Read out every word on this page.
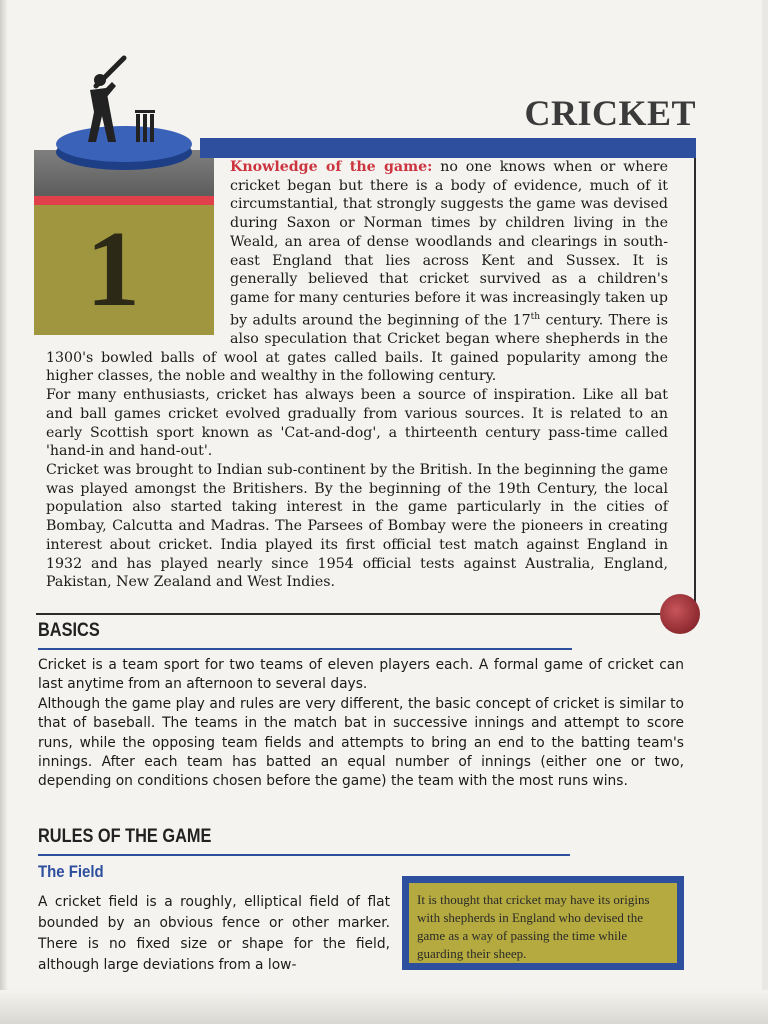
CRICKET
1

Knowledge of the game: no one knows when or where cricket began but there is a body of evidence, much of it circumstantial, that strongly suggests the game was devised during Saxon or Norman times by children living in the Weald, an area of dense woodlands and clearings in south-east England that lies across Kent and Sussex. It is generally believed that cricket survived as a children's game for many centuries before it was increasingly taken up by adults around the beginning of the 17th century. There is also speculation that Cricket began where shepherds in the 1300's bowled balls of wool at gates called bails. It gained popularity among the higher classes, the noble and wealthy in the following century.

For many enthusiasts, cricket has always been a source of inspiration. Like all bat and ball games cricket evolved gradually from various sources. It is related to an early Scottish sport known as 'Cat-and-dog', a thirteenth century pass-time called 'hand-in and hand-out'.

Cricket was brought to Indian sub-continent by the British. In the beginning the game was played amongst the Britishers. By the beginning of the 19th Century, the local population also started taking interest in the game particularly in the cities of Bombay, Calcutta and Madras. The Parsees of Bombay were the pioneers in creating interest about cricket. India played its first official test match against England in 1932 and has played nearly since 1954 official tests against Australia, England, Pakistan, New Zealand and West Indies.

BASICS

Cricket is a team sport for two teams of eleven players each. A formal game of cricket can last anytime from an afternoon to several days.

Although the game play and rules are very different, the basic concept of cricket is similar to that of baseball. The teams in the match bat in successive innings and attempt to score runs, while the opposing team fields and attempts to bring an end to the batting team's innings. After each team has batted an equal number of innings (either one or two, depending on conditions chosen before the game) the team with the most runs wins.

RULES OF THE GAME
The Field
A cricket field is a roughly, elliptical field of flat bounded by an obvious fence or other marker. There is no fixed size or shape for the field, although large deviations from a low-
It is thought that cricket may have its origins with shepherds in England who devised the game as a way of passing the time while guarding their sheep.
